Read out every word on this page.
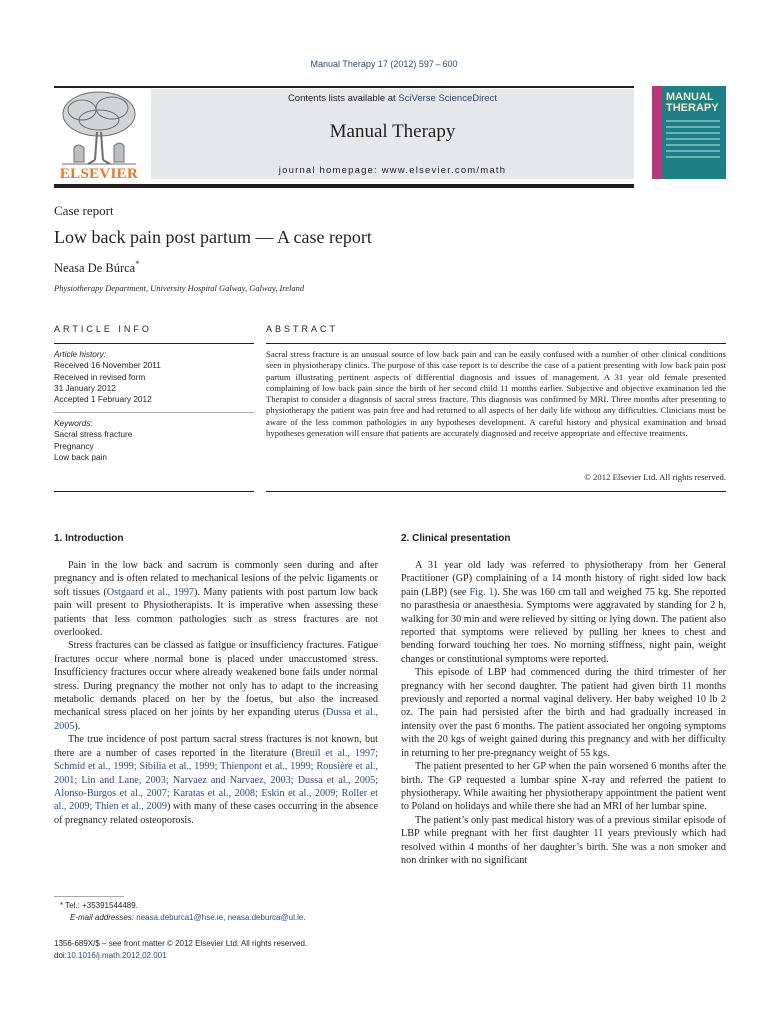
Manual Therapy 17 (2012) 597 – 600
ELSEVIER
Contents lists available at SciVerse ScienceDirect
Manual Therapy
journal homepage: www.elsevier.com/math
MANUAL
THERAPY
Case report
Low back pain post partum — A case report
Neasa De Búrca*
Physiotherapy Department, University Hospital Galway, Galway, Ireland
ARTICLE INFO
Article history:
Received 16 November 2011
Received in revised form
31 January 2012
Accepted 1 February 2012
Keywords:
Sacral stress fracture
Pregnancy
Low back pain
ABSTRACT
Sacral stress fracture is an unusual source of low back pain and can be easily confused with a number of other clinical conditions seen in physiotherapy clinics. The purpose of this case report is to describe the case of a patient presenting with low back pain post partum illustrating pertinent aspects of differential diagnosis and issues of management. A 31 year old female presented complaining of low back pain since the birth of her second child 11 months earlier. Subjective and objective examination led the Therapist to consider a diagnosis of sacral stress fracture. This diagnosis was confirmed by MRI. Three months after presenting to physiotherapy the patient was pain free and had returned to all aspects of her daily life without any difficulties. Clinicians must be aware of the less common pathologies in any hypotheses development. A careful history and physical examination and broad hypotheses generation will ensure that patients are accurately diagnosed and receive appropriate and effective treatments.
© 2012 Elsevier Ltd. All rights reserved.
1. Introduction

Pain in the low back and sacrum is commonly seen during and after pregnancy and is often related to mechanical lesions of the pelvic ligaments or soft tissues (Ostgaard et al., 1997). Many patients with post partum low back pain will present to Physiotherapists. It is imperative when assessing these patients that less common pathologies such as stress fractures are not overlooked.

Stress fractures can be classed as fatigue or insufficiency fractures. Fatigue fractures occur where normal bone is placed under unaccustomed stress. Insufficiency fractures occur where already weakened bone fails under normal stress. During pregnancy the mother not only has to adapt to the increasing metabolic demands placed on her by the foetus, but also the increased mechanical stress placed on her joints by her expanding uterus (Dussa et al., 2005).

The true incidence of post partum sacral stress fractures is not known, but there are a number of cases reported in the literature (Breuil et al., 1997; Schmid et al., 1999; Sibilia et al., 1999; Thienpont et al., 1999; Rousière et al., 2001; Lin and Lane, 2003; Narvaez and Narvaez, 2003; Dussa et al., 2005; Alonso-Burgos et al., 2007; Karatas et al., 2008; Eskin et al., 2009; Roller et al., 2009; Thien et al., 2009) with many of these cases occurring in the absence of pregnancy related osteoporosis.

2. Clinical presentation

A 31 year old lady was referred to physiotherapy from her General Practitioner (GP) complaining of a 14 month history of right sided low back pain (LBP) (see Fig. 1). She was 160 cm tall and weighed 75 kg. She reported no parasthesia or anaesthesia. Symptoms were aggravated by standing for 2 h, walking for 30 min and were relieved by sitting or lying down. The patient also reported that symptoms were relieved by pulling her knees to chest and bending forward touching her toes. No morning stiffness, night pain, weight changes or constitutional symptoms were reported.

This episode of LBP had commenced during the third trimester of her pregnancy with her second daughter. The patient had given birth 11 months previously and reported a normal vaginal delivery. Her baby weighed 10 lb 2 oz. The pain had persisted after the birth and had gradually increased in intensity over the past 6 months. The patient associated her ongoing symptoms with the 20 kgs of weight gained during this pregnancy and with her difficulty in returning to her pre-pregnancy weight of 55 kgs.

The patient presented to her GP when the pain worsened 6 months after the birth. The GP requested a lumbar spine X-ray and referred the patient to physiotherapy. While awaiting her physiotherapy appointment the patient went to Poland on holidays and while there she had an MRI of her lumbar spine.

The patient’s only past medical history was of a previous similar episode of LBP while pregnant with her first daughter 11 years previously which had resolved within 4 months of her daughter’s birth. She was a non smoker and non drinker with no significant

* Tel.: +35391544489.
E-mail addresses: neasa.deburca1@hse.ie, neasa.deburca@ul.ie.
1356-689X/$ – see front matter © 2012 Elsevier Ltd. All rights reserved.
doi:10.1016/j.math.2012.02.001
